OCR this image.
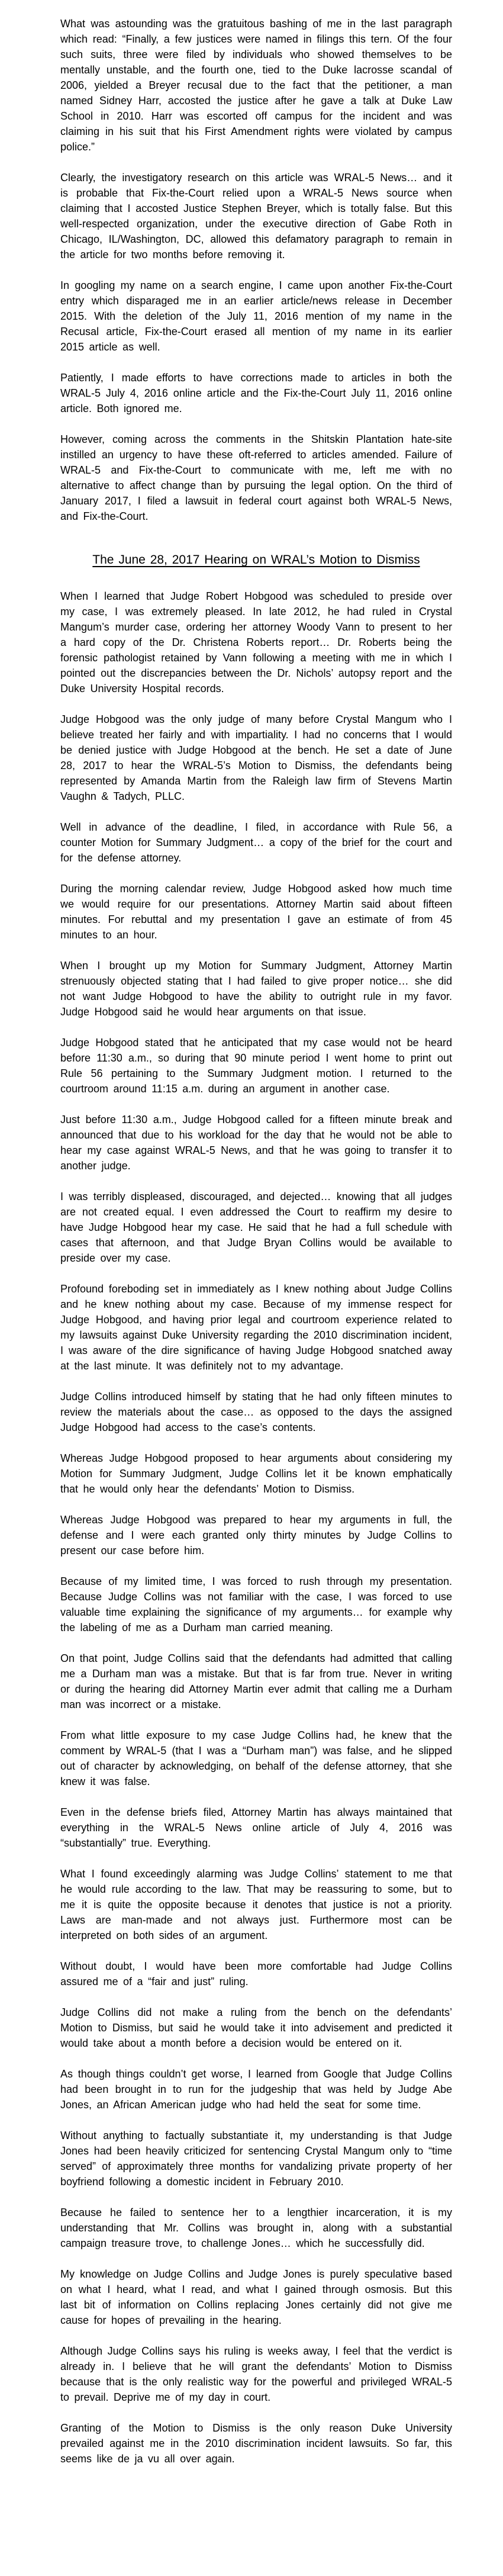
What was astounding was the gratuitous bashing of me in the last paragraph which read: “Finally, a few justices were named in filings this tern. Of the four such suits, three were filed by individuals who showed themselves to be mentally unstable, and the fourth one, tied to the Duke lacrosse scandal of 2006, yielded a Breyer recusal due to the fact that the petitioner, a man named Sidney Harr, accosted the justice after he gave a talk at Duke Law School in 2010. Harr was escorted off campus for the incident and was claiming in his suit that his First Amendment rights were violated by campus police.”

Clearly, the investigatory research on this article was WRAL-5 News… and it is probable that Fix-the-Court relied upon a WRAL-5 News source when claiming that I accosted Justice Stephen Breyer, which is totally false. But this well-respected organization, under the executive direction of Gabe Roth in Chicago, IL/Washington, DC, allowed this defamatory paragraph to remain in the article for two months before removing it.

In googling my name on a search engine, I came upon another Fix-the-Court entry which disparaged me in an earlier article/news release in December 2015. With the deletion of the July 11, 2016 mention of my name in the Recusal article, Fix-the-Court erased all mention of my name in its earlier 2015 article as well.

Patiently, I made efforts to have corrections made to articles in both the WRAL-5 July 4, 2016 online article and the Fix-the-Court July 11, 2016 online article. Both ignored me.

However, coming across the comments in the Shitskin Plantation hate-site instilled an urgency to have these oft-referred to articles amended. Failure of WRAL-5 and Fix-the-Court to communicate with me, left me with no alternative to affect change than by pursuing the legal option. On the third of January 2017, I filed a lawsuit in federal court against both WRAL-5 News, and Fix-the-Court.

The June 28, 2017 Hearing on WRAL’s Motion to Dismiss

When I learned that Judge Robert Hobgood was scheduled to preside over my case, I was extremely pleased. In late 2012, he had ruled in Crystal Mangum’s murder case, ordering her attorney Woody Vann to present to her a hard copy of the Dr. Christena Roberts report… Dr. Roberts being the forensic pathologist retained by Vann following a meeting with me in which I pointed out the discrepancies between the Dr. Nichols’ autopsy report and the Duke University Hospital records.

Judge Hobgood was the only judge of many before Crystal Mangum who I believe treated her fairly and with impartiality. I had no concerns that I would be denied justice with Judge Hobgood at the bench. He set a date of June 28, 2017 to hear the WRAL-5’s Motion to Dismiss, the defendants being represented by Amanda Martin from the Raleigh law firm of Stevens Martin Vaughn & Tadych, PLLC.

Well in advance of the deadline, I filed, in accordance with Rule 56, a counter Motion for Summary Judgment… a copy of the brief for the court and for the defense attorney.

During the morning calendar review, Judge Hobgood asked how much time we would require for our presentations. Attorney Martin said about fifteen minutes. For rebuttal and my presentation I gave an estimate of from 45 minutes to an hour.

When I brought up my Motion for Summary Judgment, Attorney Martin strenuously objected stating that I had failed to give proper notice… she did not want Judge Hobgood to have the ability to outright rule in my favor. Judge Hobgood said he would hear arguments on that issue.

Judge Hobgood stated that he anticipated that my case would not be heard before 11:30 a.m., so during that 90 minute period I went home to print out Rule 56 pertaining to the Summary Judgment motion. I returned to the courtroom around 11:15 a.m. during an argument in another case.

Just before 11:30 a.m., Judge Hobgood called for a fifteen minute break and announced that due to his workload for the day that he would not be able to hear my case against WRAL-5 News, and that he was going to transfer it to another judge.

I was terribly displeased, discouraged, and dejected… knowing that all judges are not created equal. I even addressed the Court to reaffirm my desire to have Judge Hobgood hear my case. He said that he had a full schedule with cases that afternoon, and that Judge Bryan Collins would be available to preside over my case.

Profound foreboding set in immediately as I knew nothing about Judge Collins and he knew nothing about my case. Because of my immense respect for Judge Hobgood, and having prior legal and courtroom experience related to my lawsuits against Duke University regarding the 2010 discrimination incident, I was aware of the dire significance of having Judge Hobgood snatched away at the last minute. It was definitely not to my advantage.

Judge Collins introduced himself by stating that he had only fifteen minutes to review the materials about the case… as opposed to the days the assigned Judge Hobgood had access to the case’s contents.

Whereas Judge Hobgood proposed to hear arguments about considering my Motion for Summary Judgment, Judge Collins let it be known emphatically that he would only hear the defendants’ Motion to Dismiss.

Whereas Judge Hobgood was prepared to hear my arguments in full, the defense and I were each granted only thirty minutes by Judge Collins to present our case before him.

Because of my limited time, I was forced to rush through my presentation. Because Judge Collins was not familiar with the case, I was forced to use valuable time explaining the significance of my arguments… for example why the labeling of me as a Durham man carried meaning.

On that point, Judge Collins said that the defendants had admitted that calling me a Durham man was a mistake. But that is far from true. Never in writing or during the hearing did Attorney Martin ever admit that calling me a Durham man was incorrect or a mistake.

From what little exposure to my case Judge Collins had, he knew that the comment by WRAL-5 (that I was a “Durham man”) was false, and he slipped out of character by acknowledging, on behalf of the defense attorney, that she knew it was false.

Even in the defense briefs filed, Attorney Martin has always maintained that everything in the WRAL-5 News online article of July 4, 2016 was “substantially” true. Everything.

What I found exceedingly alarming was Judge Collins’ statement to me that he would rule according to the law. That may be reassuring to some, but to me it is quite the opposite because it denotes that justice is not a priority. Laws are man-made and not always just. Furthermore most can be interpreted on both sides of an argument.

Without doubt, I would have been more comfortable had Judge Collins assured me of a “fair and just” ruling.

Judge Collins did not make a ruling from the bench on the defendants’ Motion to Dismiss, but said he would take it into advisement and predicted it would take about a month before a decision would be entered on it.

As though things couldn’t get worse, I learned from Google that Judge Collins had been brought in to run for the judgeship that was held by Judge Abe Jones, an African American judge who had held the seat for some time.

Without anything to factually substantiate it, my understanding is that Judge Jones had been heavily criticized for sentencing Crystal Mangum only to “time served” of approximately three months for vandalizing private property of her boyfriend following a domestic incident in February 2010.

Because he failed to sentence her to a lengthier incarceration, it is my understanding that Mr. Collins was brought in, along with a substantial campaign treasure trove, to challenge Jones… which he successfully did.

My knowledge on Judge Collins and Judge Jones is purely speculative based on what I heard, what I read, and what I gained through osmosis. But this last bit of information on Collins replacing Jones certainly did not give me cause for hopes of prevailing in the hearing.

Although Judge Collins says his ruling is weeks away, I feel that the verdict is already in. I believe that he will grant the defendants’ Motion to Dismiss because that is the only realistic way for the powerful and privileged WRAL-5 to prevail. Deprive me of my day in court.

Granting of the Motion to Dismiss is the only reason Duke University prevailed against me in the 2010 discrimination incident lawsuits. So far, this seems like de ja vu all over again.
